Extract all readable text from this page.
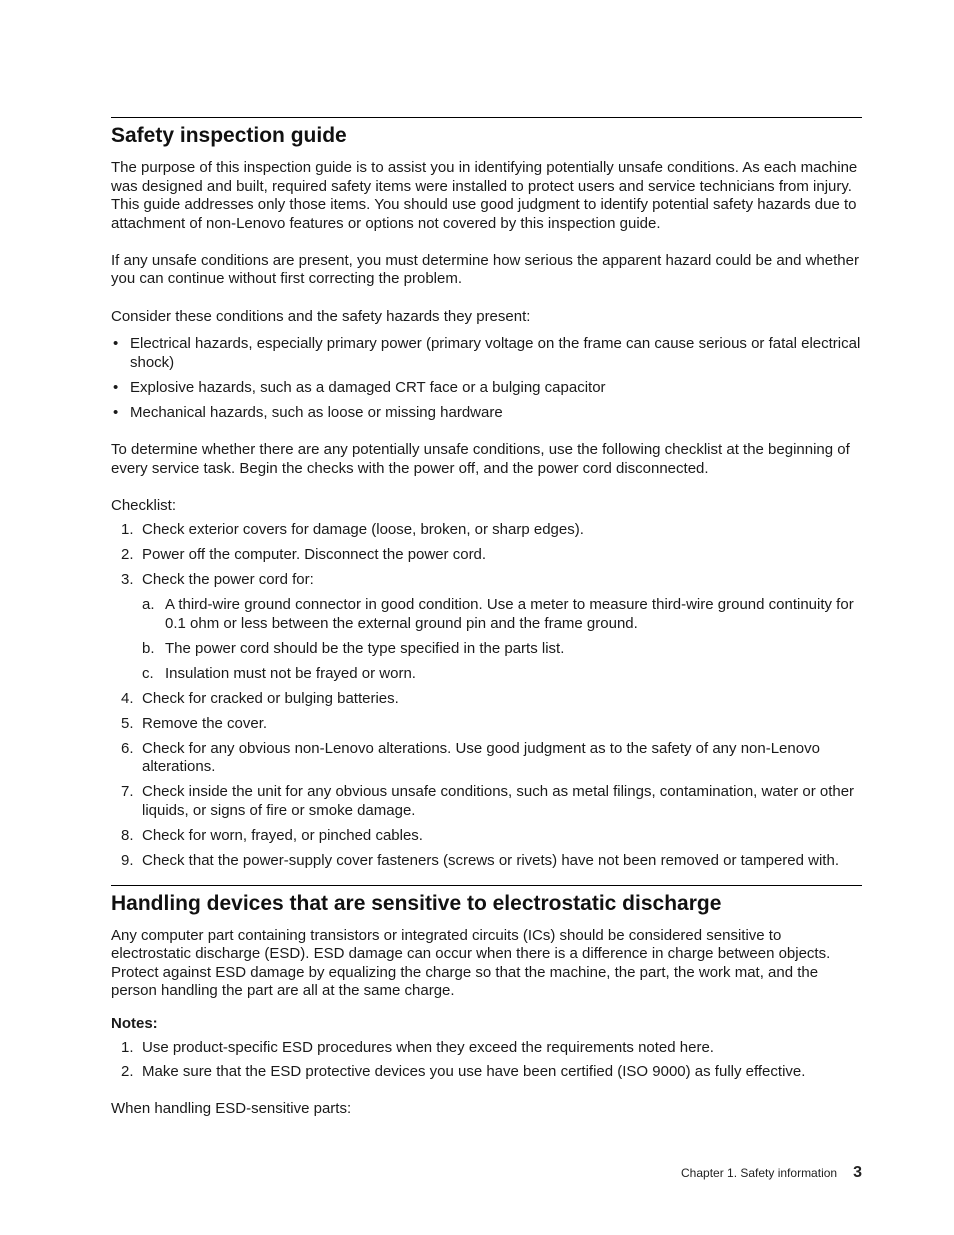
Safety inspection guide

The purpose of this inspection guide is to assist you in identifying potentially unsafe conditions. As each machine was designed and built, required safety items were installed to protect users and service technicians from injury. This guide addresses only those items. You should use good judgment to identify potential safety hazards due to attachment of non-Lenovo features or options not covered by this inspection guide.

If any unsafe conditions are present, you must determine how serious the apparent hazard could be and whether you can continue without first correcting the problem.

Consider these conditions and the safety hazards they present:

• Electrical hazards, especially primary power (primary voltage on the frame can cause serious or fatal electrical shock)
• Explosive hazards, such as a damaged CRT face or a bulging capacitor
• Mechanical hazards, such as loose or missing hardware

To determine whether there are any potentially unsafe conditions, use the following checklist at the beginning of every service task. Begin the checks with the power off, and the power cord disconnected.

Checklist:

1. Check exterior covers for damage (loose, broken, or sharp edges).
2. Power off the computer. Disconnect the power cord.
3. Check the power cord for:
a. A third-wire ground connector in good condition. Use a meter to measure third-wire ground continuity for 0.1 ohm or less between the external ground pin and the frame ground.
b. The power cord should be the type specified in the parts list.
c. Insulation must not be frayed or worn.
4. Check for cracked or bulging batteries.
5. Remove the cover.
6. Check for any obvious non-Lenovo alterations. Use good judgment as to the safety of any non-Lenovo alterations.
7. Check inside the unit for any obvious unsafe conditions, such as metal filings, contamination, water or other liquids, or signs of fire or smoke damage.
8. Check for worn, frayed, or pinched cables.
9. Check that the power-supply cover fasteners (screws or rivets) have not been removed or tampered with.
Handling devices that are sensitive to electrostatic discharge

Any computer part containing transistors or integrated circuits (ICs) should be considered sensitive to electrostatic discharge (ESD). ESD damage can occur when there is a difference in charge between objects. Protect against ESD damage by equalizing the charge so that the machine, the part, the work mat, and the person handling the part are all at the same charge.

Notes:
1. Use product-specific ESD procedures when they exceed the requirements noted here.
2. Make sure that the ESD protective devices you use have been certified (ISO 9000) as fully effective.

When handling ESD-sensitive parts:

Chapter 1. Safety information 3
